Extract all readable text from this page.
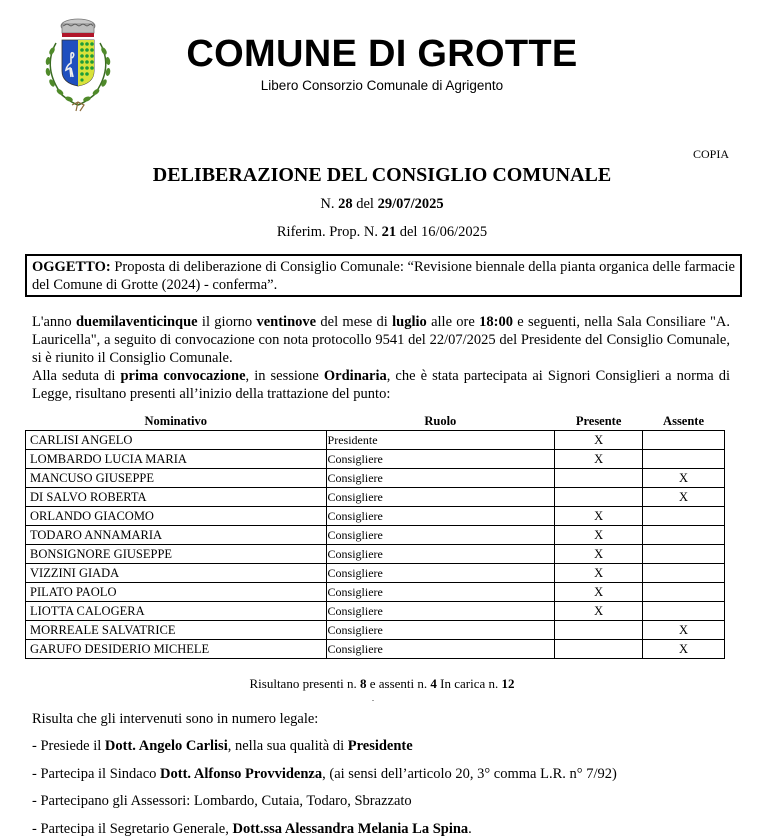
COMUNE DI GROTTE
Libero Consorzio Comunale di Agrigento
COPIA
DELIBERAZIONE DEL CONSIGLIO COMUNALE
N. 28 del 29/07/2025
Riferim. Prop. N. 21 del 16/06/2025
OGGETTO: Proposta di deliberazione di Consiglio Comunale: “Revisione biennale della pianta organica delle farmacie del Comune di Grotte (2024) - conferma”.
L'anno duemilaventicinque il giorno ventinove del mese di luglio alle ore 18:00 e seguenti, nella Sala Consiliare "A. Lauricella", a seguito di convocazione con nota protocollo 9541 del 22/07/2025 del Presidente del Consiglio Comunale, si è riunito il Consiglio Comunale.
Alla seduta di prima convocazione, in sessione Ordinaria, che è stata partecipata ai Signori Consiglieri a norma di Legge, risultano presenti all’inizio della trattazione del punto:
Nominativo	Ruolo	Presente	Assente
CARLISI ANGELO	Presidente	X	
LOMBARDO LUCIA MARIA	Consigliere	X	
MANCUSO GIUSEPPE	Consigliere		X
DI SALVO ROBERTA	Consigliere		X
ORLANDO GIACOMO	Consigliere	X	
TODARO ANNAMARIA	Consigliere	X	
BONSIGNORE GIUSEPPE	Consigliere	X	
VIZZINI GIADA	Consigliere	X	
PILATO PAOLO	Consigliere	X	
LIOTTA CALOGERA	Consigliere	X	
MORREALE SALVATRICE	Consigliere		X
GARUFO DESIDERIO MICHELE	Consigliere		X
Risultano presenti n. 8 e assenti n. 4 In carica n. 12
.
Risulta che gli intervenuti sono in numero legale:
- Presiede il Dott. Angelo Carlisi, nella sua qualità di Presidente
- Partecipa il Sindaco Dott. Alfonso Provvidenza, (ai sensi dell’articolo 20, 3° comma L.R. n° 7/92)
- Partecipano gli Assessori: Lombardo, Cutaia, Todaro, Sbrazzato
- Partecipa il Segretario Generale, Dott.ssa Alessandra Melania La Spina.
